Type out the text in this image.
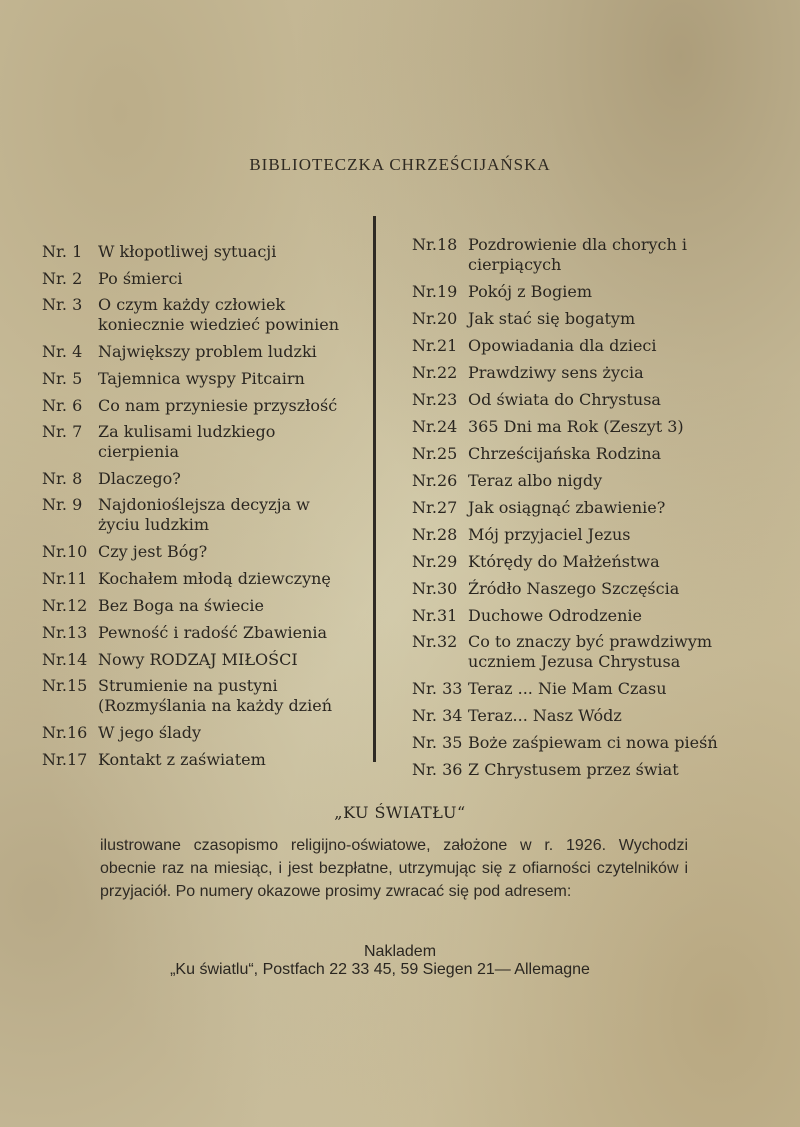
BIBLIOTECZKA CHRZEŚCIJAŃSKA
Nr. 1 W kłopotliwej sytuacji
Nr. 2 Po śmierci
Nr. 3 O czym każdy człowiek koniecznie wiedzieć powinien
Nr. 4 Największy problem ludzki
Nr. 5 Tajemnica wyspy Pitcairn
Nr. 6 Co nam przyniesie przyszłość
Nr. 7 Za kulisami ludzkiego cierpienia
Nr. 8 Dlaczego?
Nr. 9 Najdonioślejsza decyzja w życiu ludzkim
Nr.10 Czy jest Bóg?
Nr.11 Kochałem młodą dziewczynę
Nr.12 Bez Boga na świecie
Nr.13 Pewność i radość Zbawienia
Nr.14 Nowy RODZAJ MIŁOŚCI
Nr.15 Strumienie na pustyni (Rozmyślania na każdy dzień
Nr.16 W jego ślady
Nr.17 Kontakt z zaświatem
Nr.18 Pozdrowienie dla chorych i cierpiących
Nr.19 Pokój z Bogiem
Nr.20 Jak stać się bogatym
Nr.21 Opowiadania dla dzieci
Nr.22 Prawdziwy sens życia
Nr.23 Od świata do Chrystusa
Nr.24 365 Dni ma Rok (Zeszyt 3)
Nr.25 Chrześcijańska Rodzina
Nr.26 Teraz albo nigdy
Nr.27 Jak osiągnąć zbawienie?
Nr.28 Mój przyjaciel Jezus
Nr.29 Którędy do Małżeństwa
Nr.30 Źródło Naszego Szczęścia
Nr.31 Duchowe Odrodzenie
Nr.32 Co to znaczy być prawdziwym uczniem Jezusa Chrystusa
Nr. 33 Teraz ... Nie Mam Czasu
Nr. 34 Teraz... Nasz Wódz
Nr. 35 Boże zaśpiewam ci nowa pieśń
Nr. 36 Z Chrystusem przez świat
„KU ŚWIATŁU“
ilustrowane czasopismo religijno-oświatowe, założone w r. 1926. Wychodzi obecnie raz na miesiąc, i jest bezpłatne, utrzymując się z ofiarności czytelników i przyjaciół. Po numery okazowe prosimy zwracać się pod adresem:
Nakladem
„Ku światlu“, Postfach 22 33 45, 59 Siegen 21— Allemagne
